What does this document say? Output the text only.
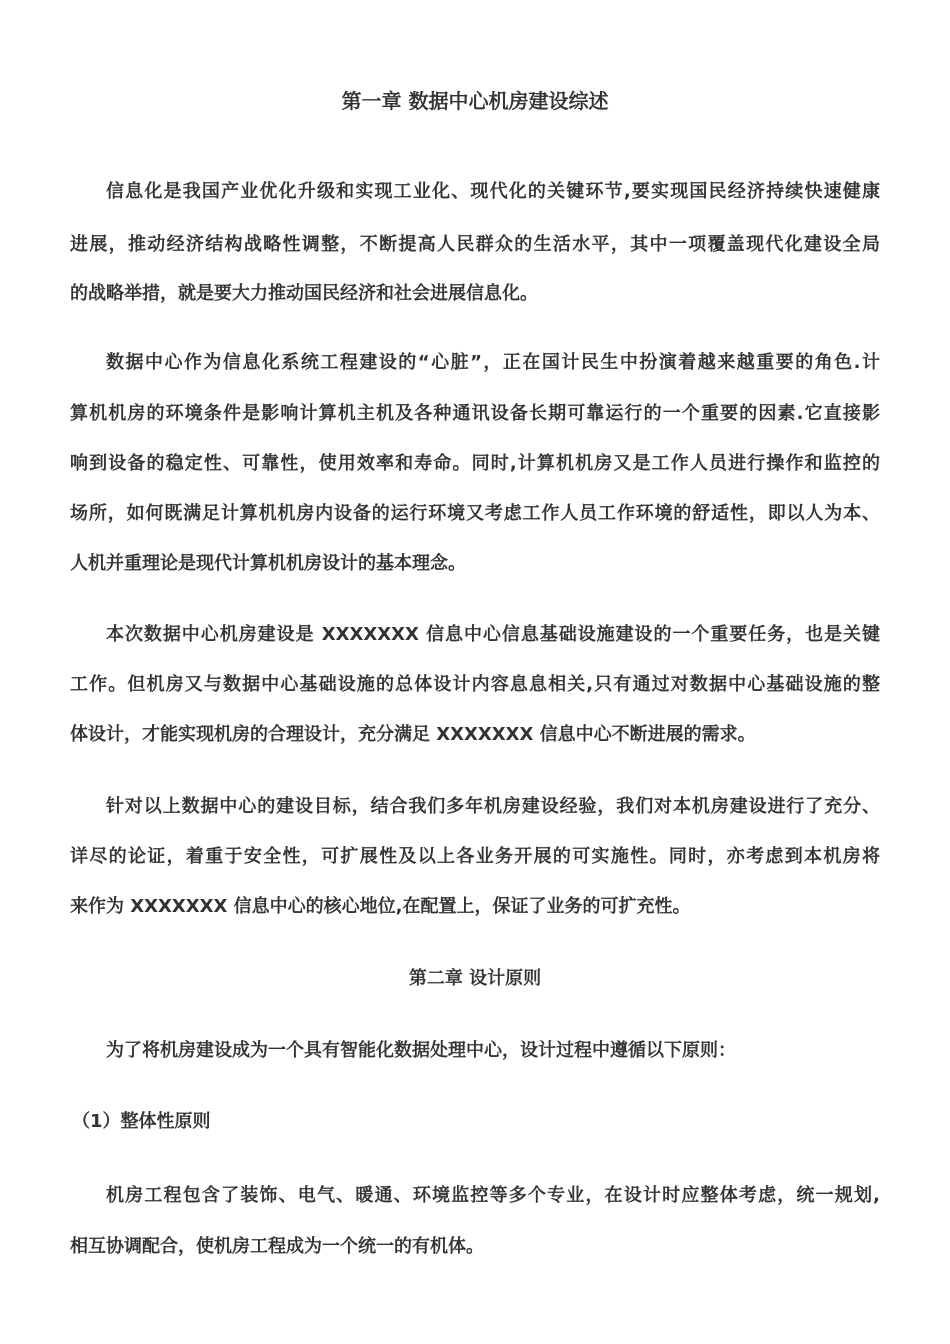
第一章 数据中心机房建设综述
信息化是我国产业优化升级和实现工业化、现代化的关键环节,要实现国民经济持续快速健康
进展，推动经济结构战略性调整，不断提高人民群众的生活水平，其中一项覆盖现代化建设全局
的战略举措，就是要大力推动国民经济和社会进展信息化。
数据中心作为信息化系统工程建设的“心脏”，正在国计民生中扮演着越来越重要的角色.计
算机机房的环境条件是影响计算机主机及各种通讯设备长期可靠运行的一个重要的因素.它直接影
响到设备的稳定性、可靠性，使用效率和寿命。同时,计算机机房又是工作人员进行操作和监控的
场所，如何既满足计算机机房内设备的运行环境又考虑工作人员工作环境的舒适性，即以人为本、
人机并重理论是现代计算机机房设计的基本理念。
本次数据中心机房建设是 XXXXXXX 信息中心信息基础设施建设的一个重要任务，也是关键
工作。但机房又与数据中心基础设施的总体设计内容息息相关,只有通过对数据中心基础设施的整
体设计，才能实现机房的合理设计，充分满足 XXXXXXX 信息中心不断进展的需求。
针对以上数据中心的建设目标，结合我们多年机房建设经验，我们对本机房建设进行了充分、
详尽的论证，着重于安全性，可扩展性及以上各业务开展的可实施性。同时，亦考虑到本机房将
来作为 XXXXXXX 信息中心的核心地位,在配置上，保证了业务的可扩充性。
第二章 设计原则
为了将机房建设成为一个具有智能化数据处理中心，设计过程中遵循以下原则：
（1）整体性原则
机房工程包含了装饰、电气、暖通、环境监控等多个专业，在设计时应整体考虑，统一规划,
相互协调配合，使机房工程成为一个统一的有机体。
